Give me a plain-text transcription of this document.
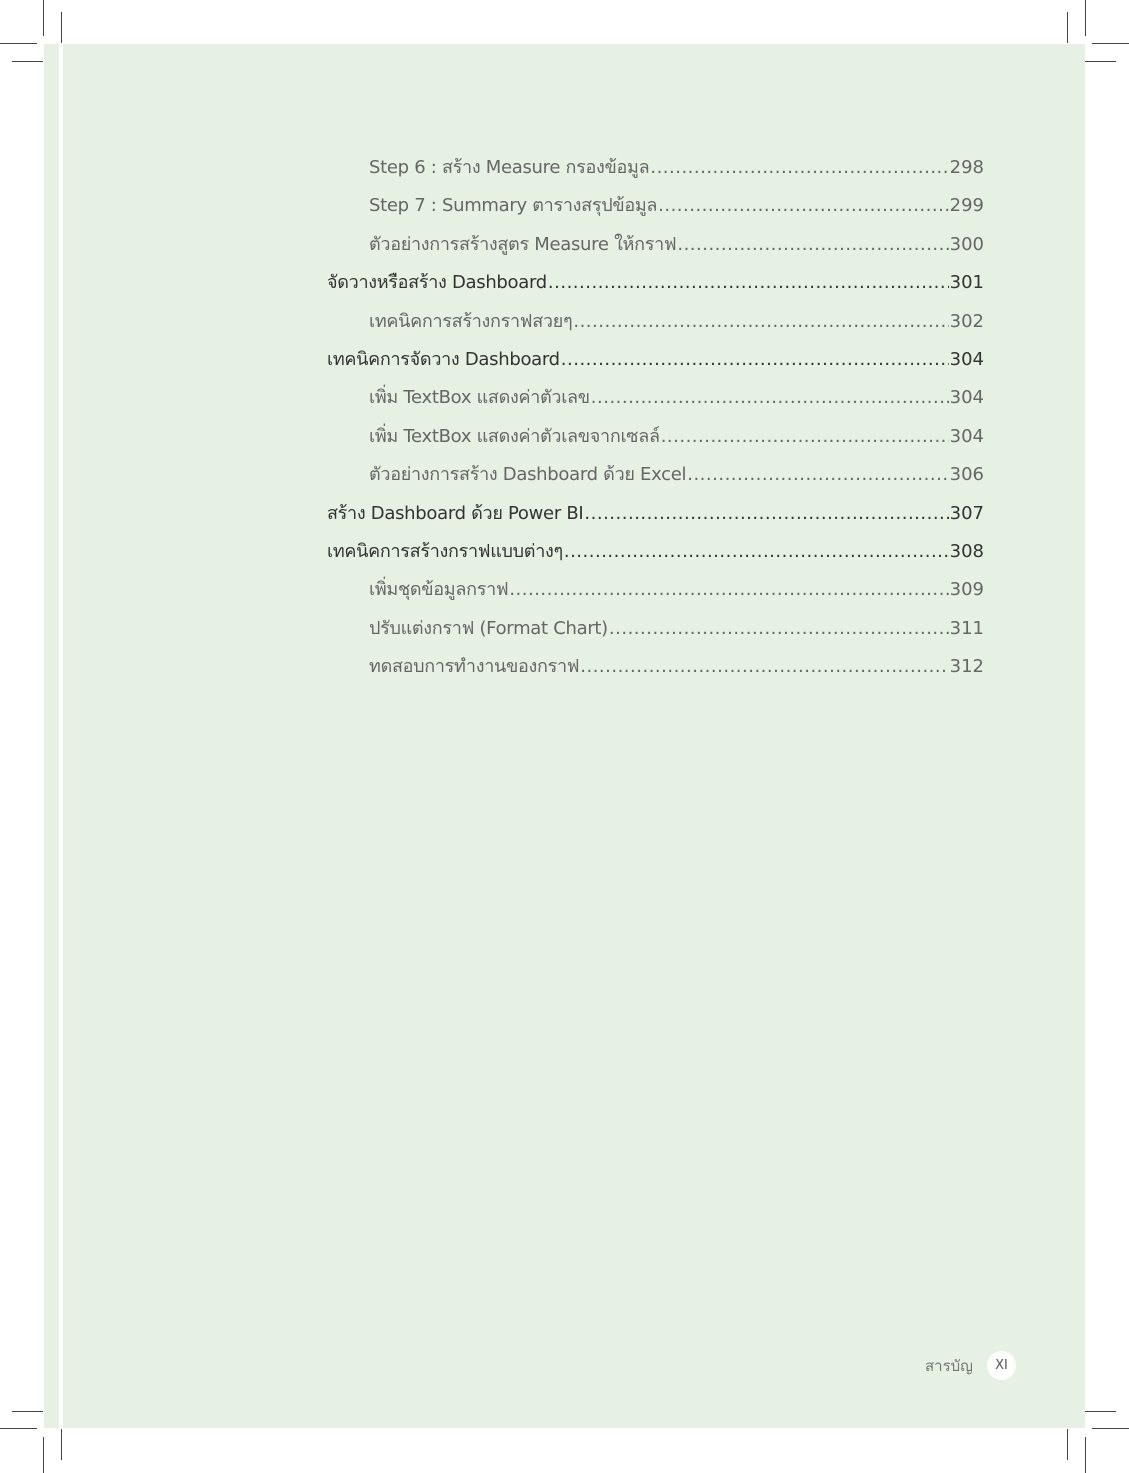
Step 6 : สร้าง Measure กรองข้อมูล .....	298
Step 7 : Summary ตารางสรุปข้อมูล .....	299
ตัวอย่างการสร้างสูตร Measure ให้กราฟ .....	300
จัดวางหรือสร้าง Dashboard .....	301
เทคนิคการสร้างกราฟสวยๆ .....	302
เทคนิคการจัดวาง Dashboard .....	304
เพิ่ม TextBox แสดงค่าตัวเลข .....	304
เพิ่ม TextBox แสดงค่าตัวเลขจากเซลล์ .....	304
ตัวอย่างการสร้าง Dashboard ด้วย Excel .....	306
สร้าง Dashboard ด้วย Power BI .....	307
เทคนิคการสร้างกราฟแบบต่างๆ .....	308
เพิ่มชุดข้อมูลกราฟ .....	309
ปรับแต่งกราฟ (Format Chart) .....	311
ทดสอบการทำงานของกราฟ .....	312
สารบัญ	XI
